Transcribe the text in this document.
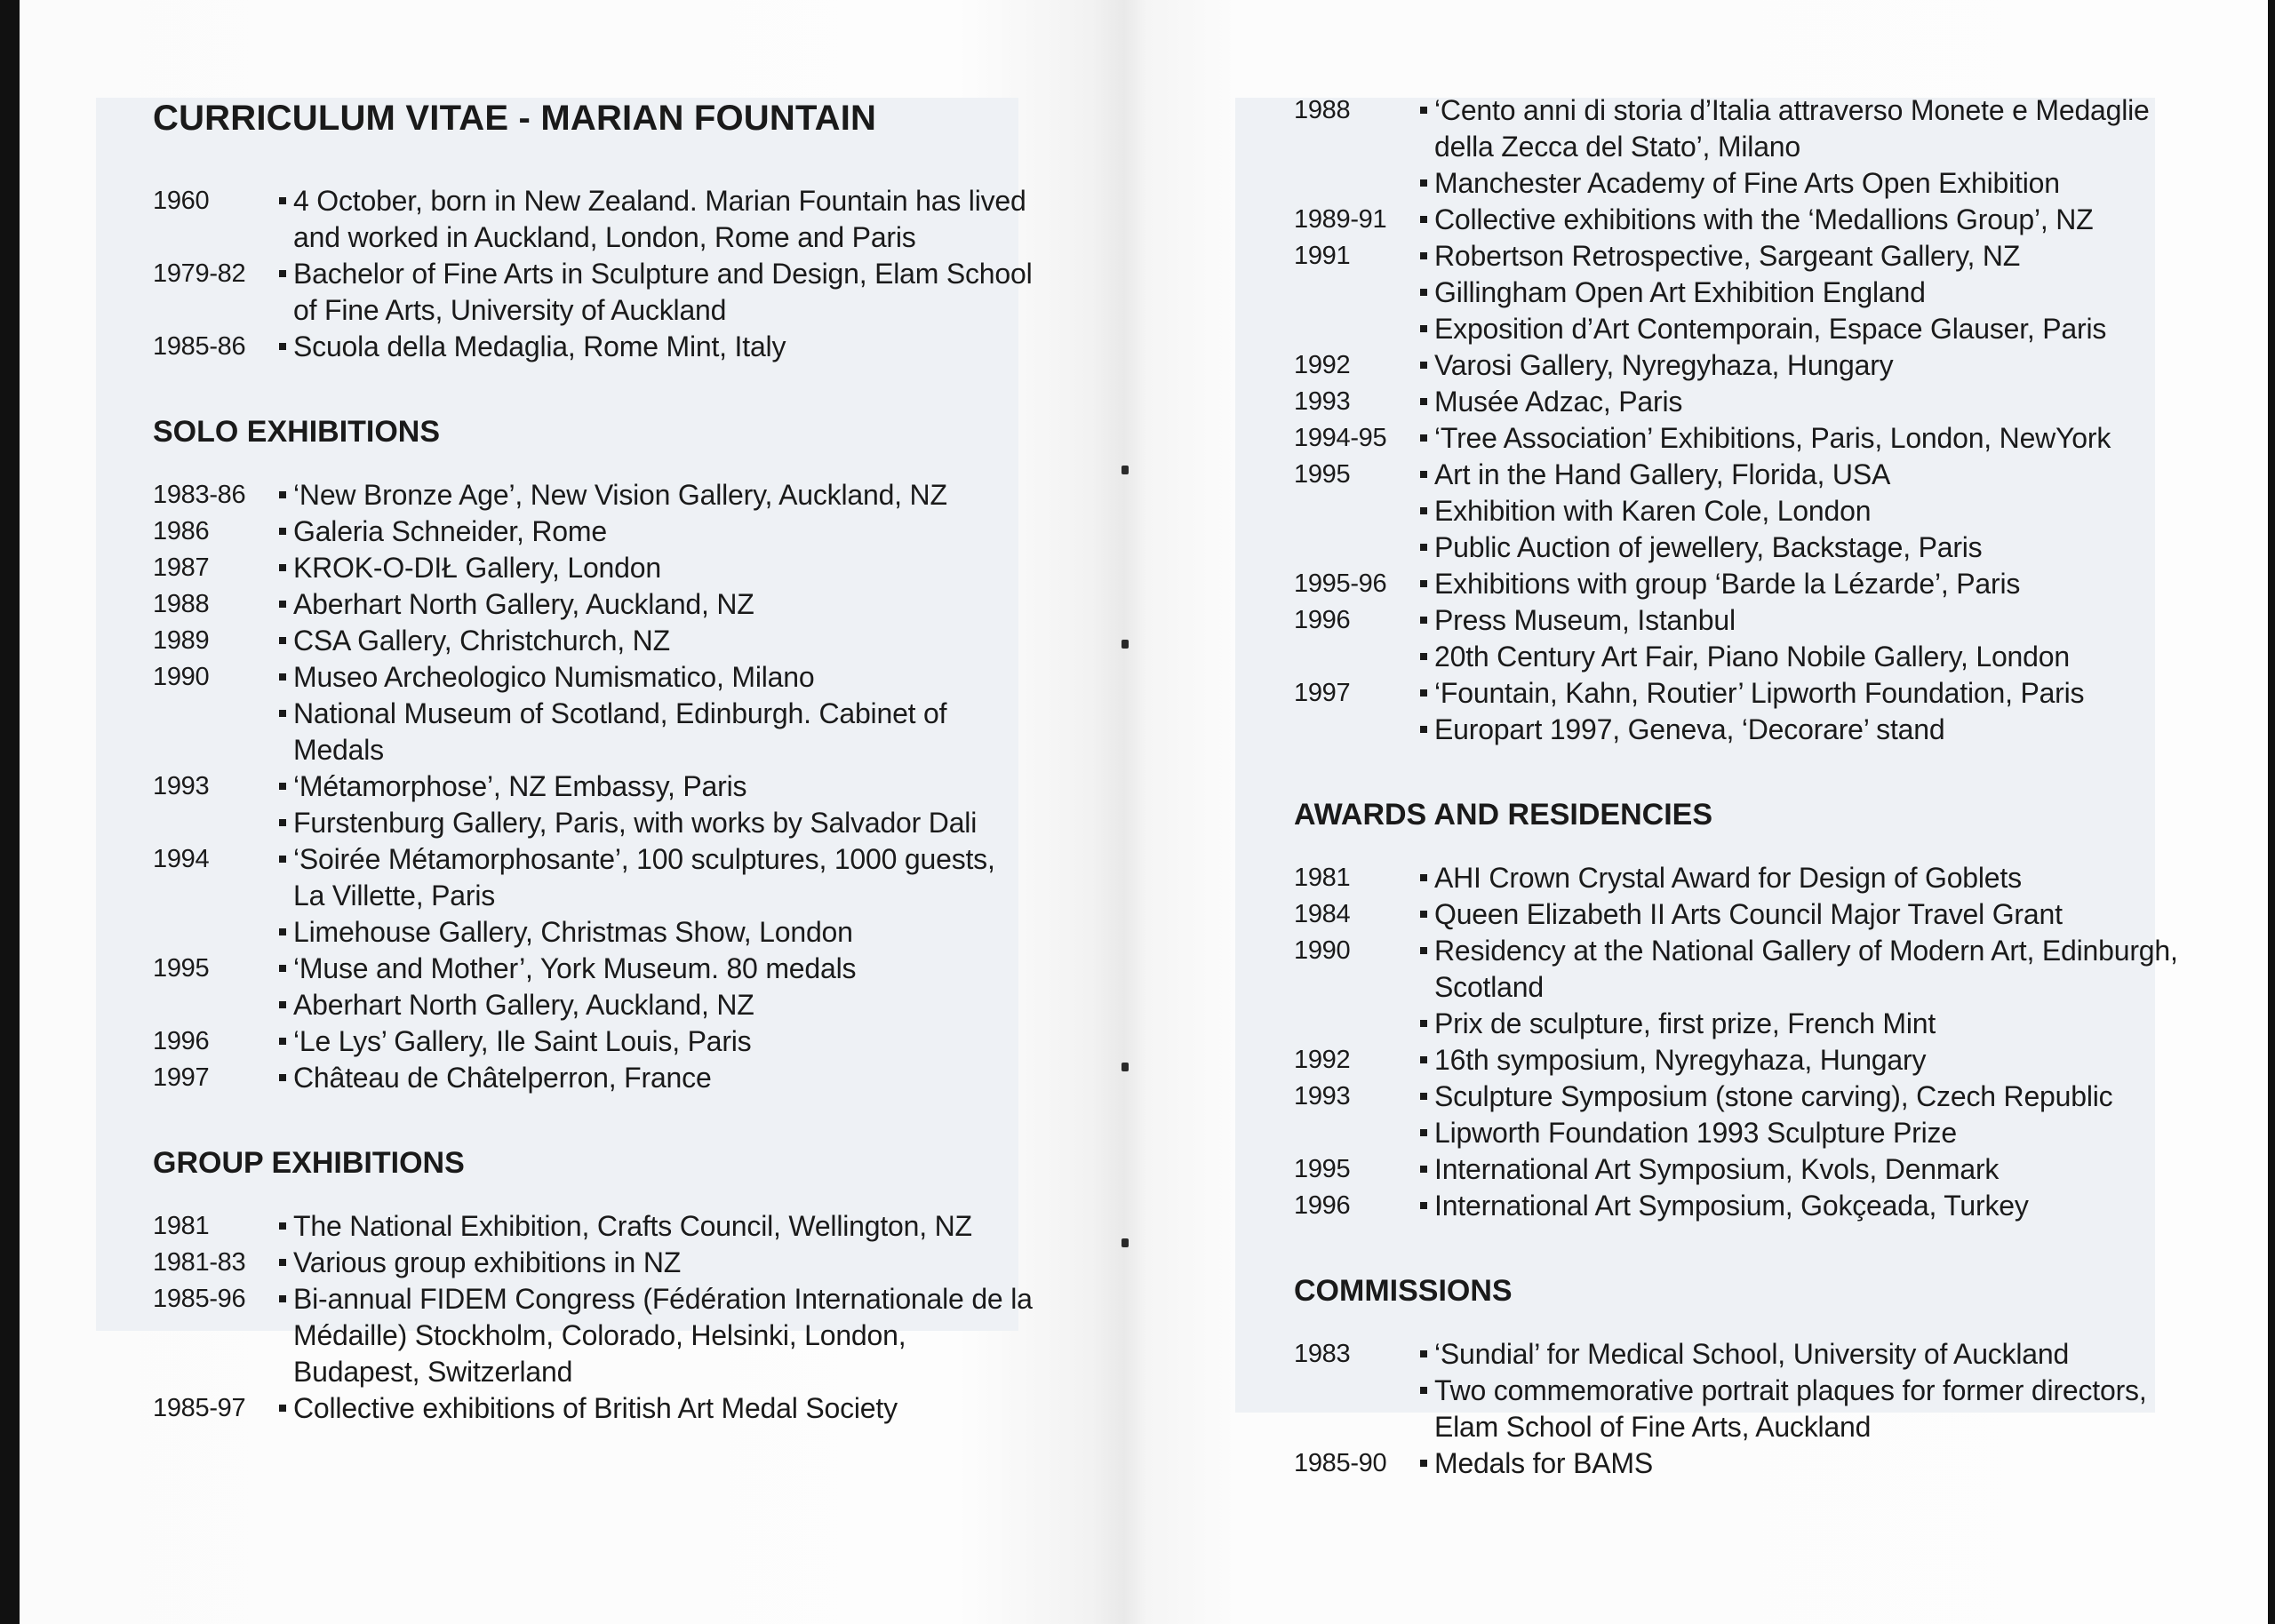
CURRICULUM VITAE - MARIAN FOUNTAIN
1960	4 October, born in New Zealand. Marian Fountain has lived and worked in Auckland, London, Rome and Paris
1979-82	Bachelor of Fine Arts in Sculpture and Design, Elam School of Fine Arts, University of Auckland
1985-86	Scuola della Medaglia, Rome Mint, Italy
SOLO EXHIBITIONS
1983-86	‘New Bronze Age’, New Vision Gallery, Auckland, NZ
1986	Galeria Schneider, Rome
1987	KROK-O-DIŁ Gallery, London
1988	Aberhart North Gallery, Auckland, NZ
1989	CSA Gallery, Christchurch, NZ
1990	Museo Archeologico Numismatico, Milano
National Museum of Scotland, Edinburgh. Cabinet of Medals
1993	‘Métamorphose’, NZ Embassy, Paris
Furstenburg Gallery, Paris, with works by Salvador Dali
1994	‘Soirée Métamorphosante’, 100 sculptures, 1000 guests, La Villette, Paris
Limehouse Gallery, Christmas Show, London
1995	‘Muse and Mother’, York Museum. 80 medals
Aberhart North Gallery, Auckland, NZ
1996	‘Le Lys’ Gallery, Ile Saint Louis, Paris
1997	Château de Châtelperron, France
GROUP EXHIBITIONS
1981	The National Exhibition, Crafts Council, Wellington, NZ
1981-83	Various group exhibitions in NZ
1985-96	Bi-annual FIDEM Congress (Fédération Internationale de la Médaille) Stockholm, Colorado, Helsinki, London, Budapest, Switzerland
1985-97	Collective exhibitions of British Art Medal Society
1988	‘Cento anni di storia d’Italia attraverso Monete e Medaglie della Zecca del Stato’, Milano
Manchester Academy of Fine Arts Open Exhibition
1989-91	Collective exhibitions with the ‘Medallions Group’, NZ
1991	Robertson Retrospective, Sargeant Gallery, NZ
Gillingham Open Art Exhibition England
Exposition d’Art Contemporain, Espace Glauser, Paris
1992	Varosi Gallery, Nyregyhaza, Hungary
1993	Musée Adzac, Paris
1994-95	‘Tree Association’ Exhibitions, Paris, London, NewYork
1995	Art in the Hand Gallery, Florida, USA
Exhibition with Karen Cole, London
Public Auction of jewellery, Backstage, Paris
1995-96	Exhibitions with group ‘Barde la Lézarde’, Paris
1996	Press Museum, Istanbul
20th Century Art Fair, Piano Nobile Gallery, London
1997	‘Fountain, Kahn, Routier’ Lipworth Foundation, Paris
Europart 1997, Geneva, ‘Decorare’ stand
AWARDS AND RESIDENCIES
1981	AHI Crown Crystal Award for Design of Goblets
1984	Queen Elizabeth II Arts Council Major Travel Grant
1990	Residency at the National Gallery of Modern Art, Edinburgh, Scotland
Prix de sculpture, first prize, French Mint
1992	16th symposium, Nyregyhaza, Hungary
1993	Sculpture Symposium (stone carving), Czech Republic
Lipworth Foundation 1993 Sculpture Prize
1995	International Art Symposium, Kvols, Denmark
1996	International Art Symposium, Gokçeada, Turkey
COMMISSIONS
1983	‘Sundial’ for Medical School, University of Auckland
Two commemorative portrait plaques for former directors, Elam School of Fine Arts, Auckland
1985-90	Medals for BAMS
